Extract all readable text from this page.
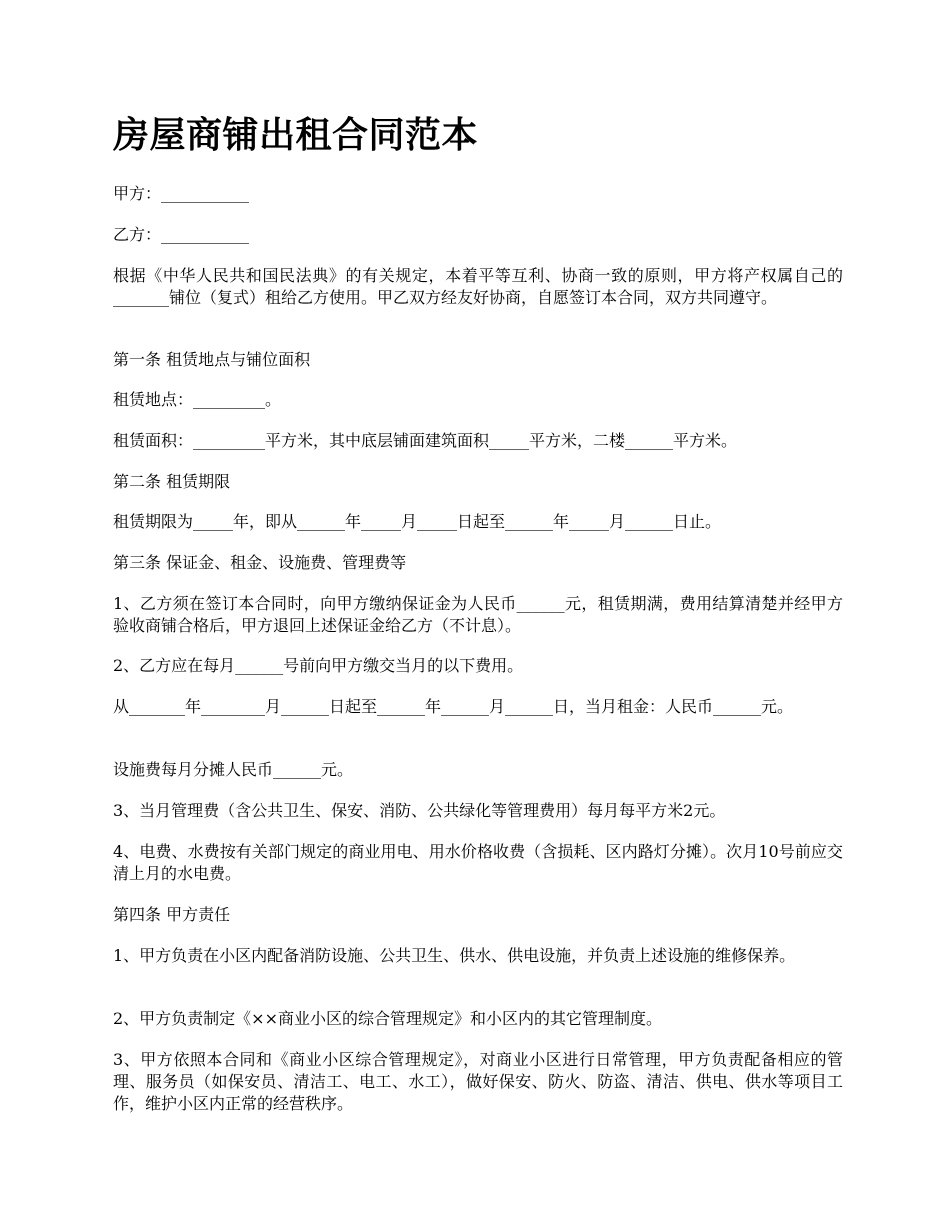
房屋商铺出租合同范本

甲方：___________

乙方：___________

根据《中华人民共和国民法典》的有关规定，本着平等互利、协商一致的原则，甲方将产权属自己的_______铺位（复式）租给乙方使用。甲乙双方经友好协商，自愿签订本合同，双方共同遵守。

第一条 租赁地点与铺位面积

租赁地点：_________。

租赁面积：_________平方米，其中底层铺面建筑面积_____平方米，二楼______平方米。

第二条 租赁期限

租赁期限为_____年，即从______年_____月_____日起至______年_____月______日止。

第三条 保证金、租金、设施费、管理费等

1、乙方须在签订本合同时，向甲方缴纳保证金为人民币______元，租赁期满，费用结算清楚并经甲方验收商铺合格后，甲方退回上述保证金给乙方（不计息）。

2、乙方应在每月______号前向甲方缴交当月的以下费用。

从_______年________月______日起至______年______月______日，当月租金：人民币______元。

设施费每月分摊人民币______元。

3、当月管理费（含公共卫生、保安、消防、公共绿化等管理费用）每月每平方米2元。

4、电费、水费按有关部门规定的商业用电、用水价格收费（含损耗、区内路灯分摊）。次月10号前应交清上月的水电费。

第四条 甲方责任

1、甲方负责在小区内配备消防设施、公共卫生、供水、供电设施，并负责上述设施的维修保养。

2、甲方负责制定《××商业小区的综合管理规定》和小区内的其它管理制度。

3、甲方依照本合同和《商业小区综合管理规定》，对商业小区进行日常管理，甲方负责配备相应的管理、服务员（如保安员、清洁工、电工、水工），做好保安、防火、防盗、清洁、供电、供水等项目工作，维护小区内正常的经营秩序。
